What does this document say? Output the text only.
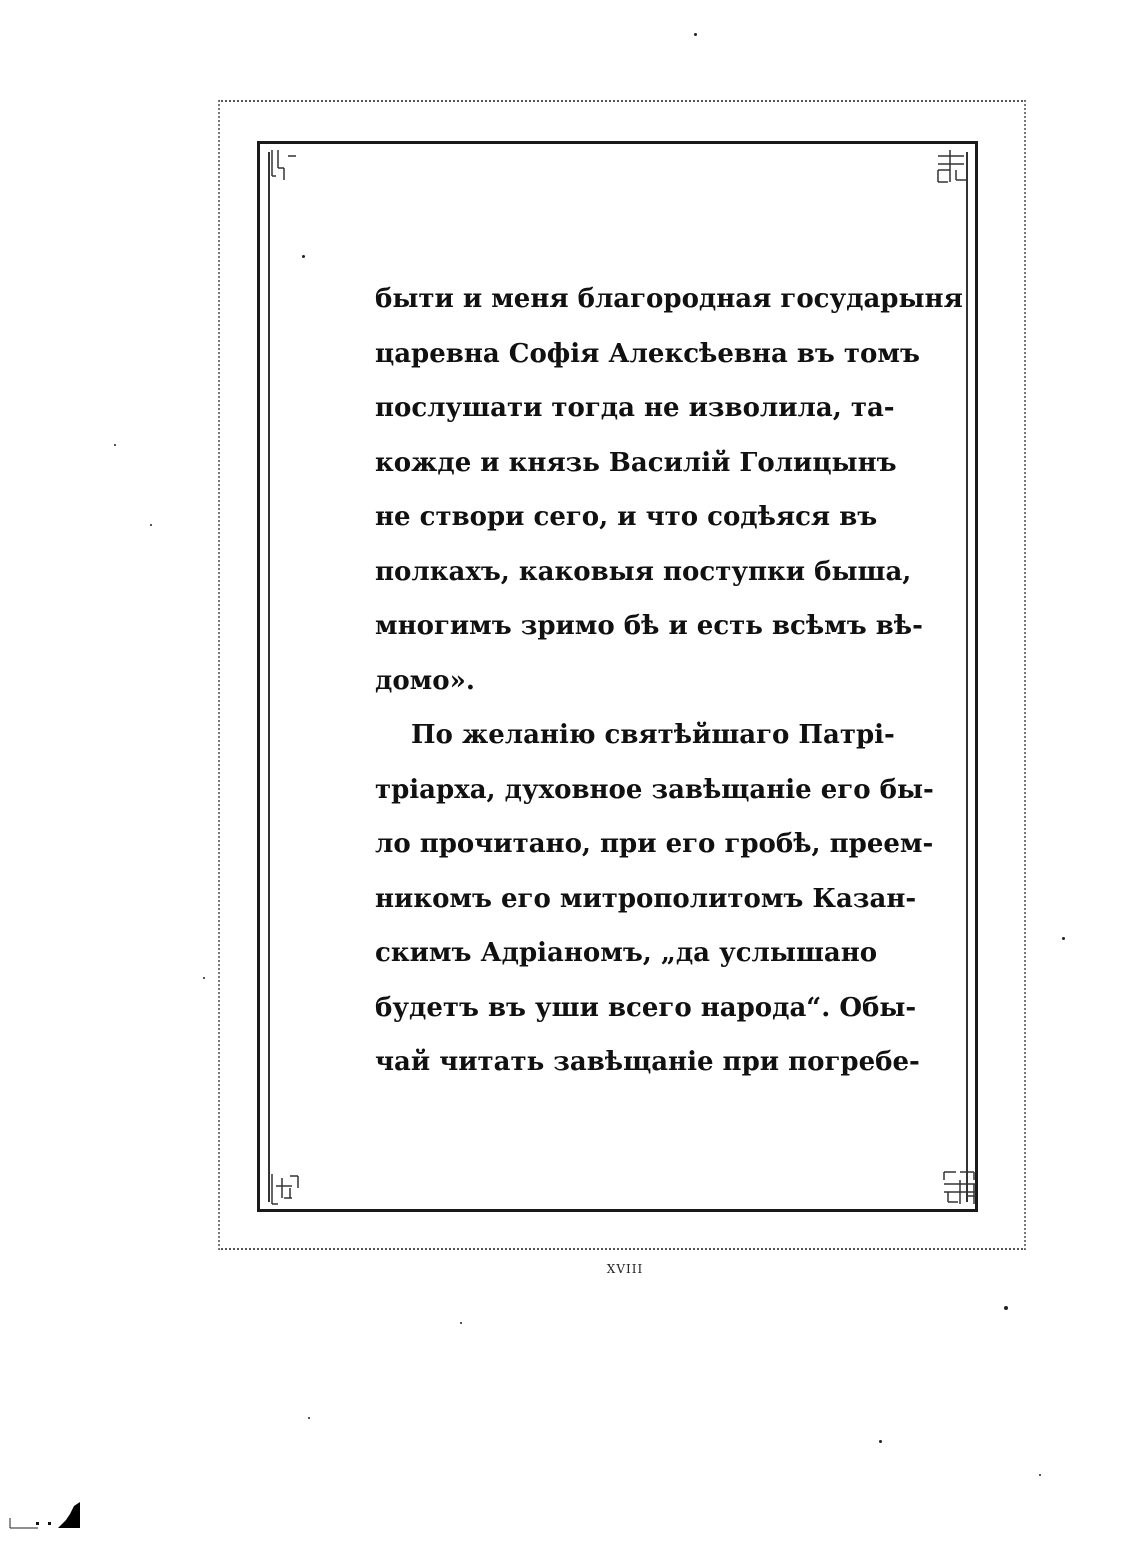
быти и меня благородная государыня
царевна Софія Алексѣевна въ томъ
послушати тогда не изволила, та-
кожде и князь Василій Голицынъ
не створи сего, и что содѣяся въ
полкахъ, каковыя поступки быша,
многимъ зримо бѣ и есть всѣмъ вѣ-
домо».
По желанію святѣйшаго Патрі-
тріарха, духовное завѣщаніе его бы-
ло прочитано, при его гробѣ, преем-
никомъ его митрополитомъ Казан-
скимъ Адріаномъ, „да услышано
будетъ въ уши всего народа“. Обы-
чай читать завѣщаніе при погребе-
XVIII
